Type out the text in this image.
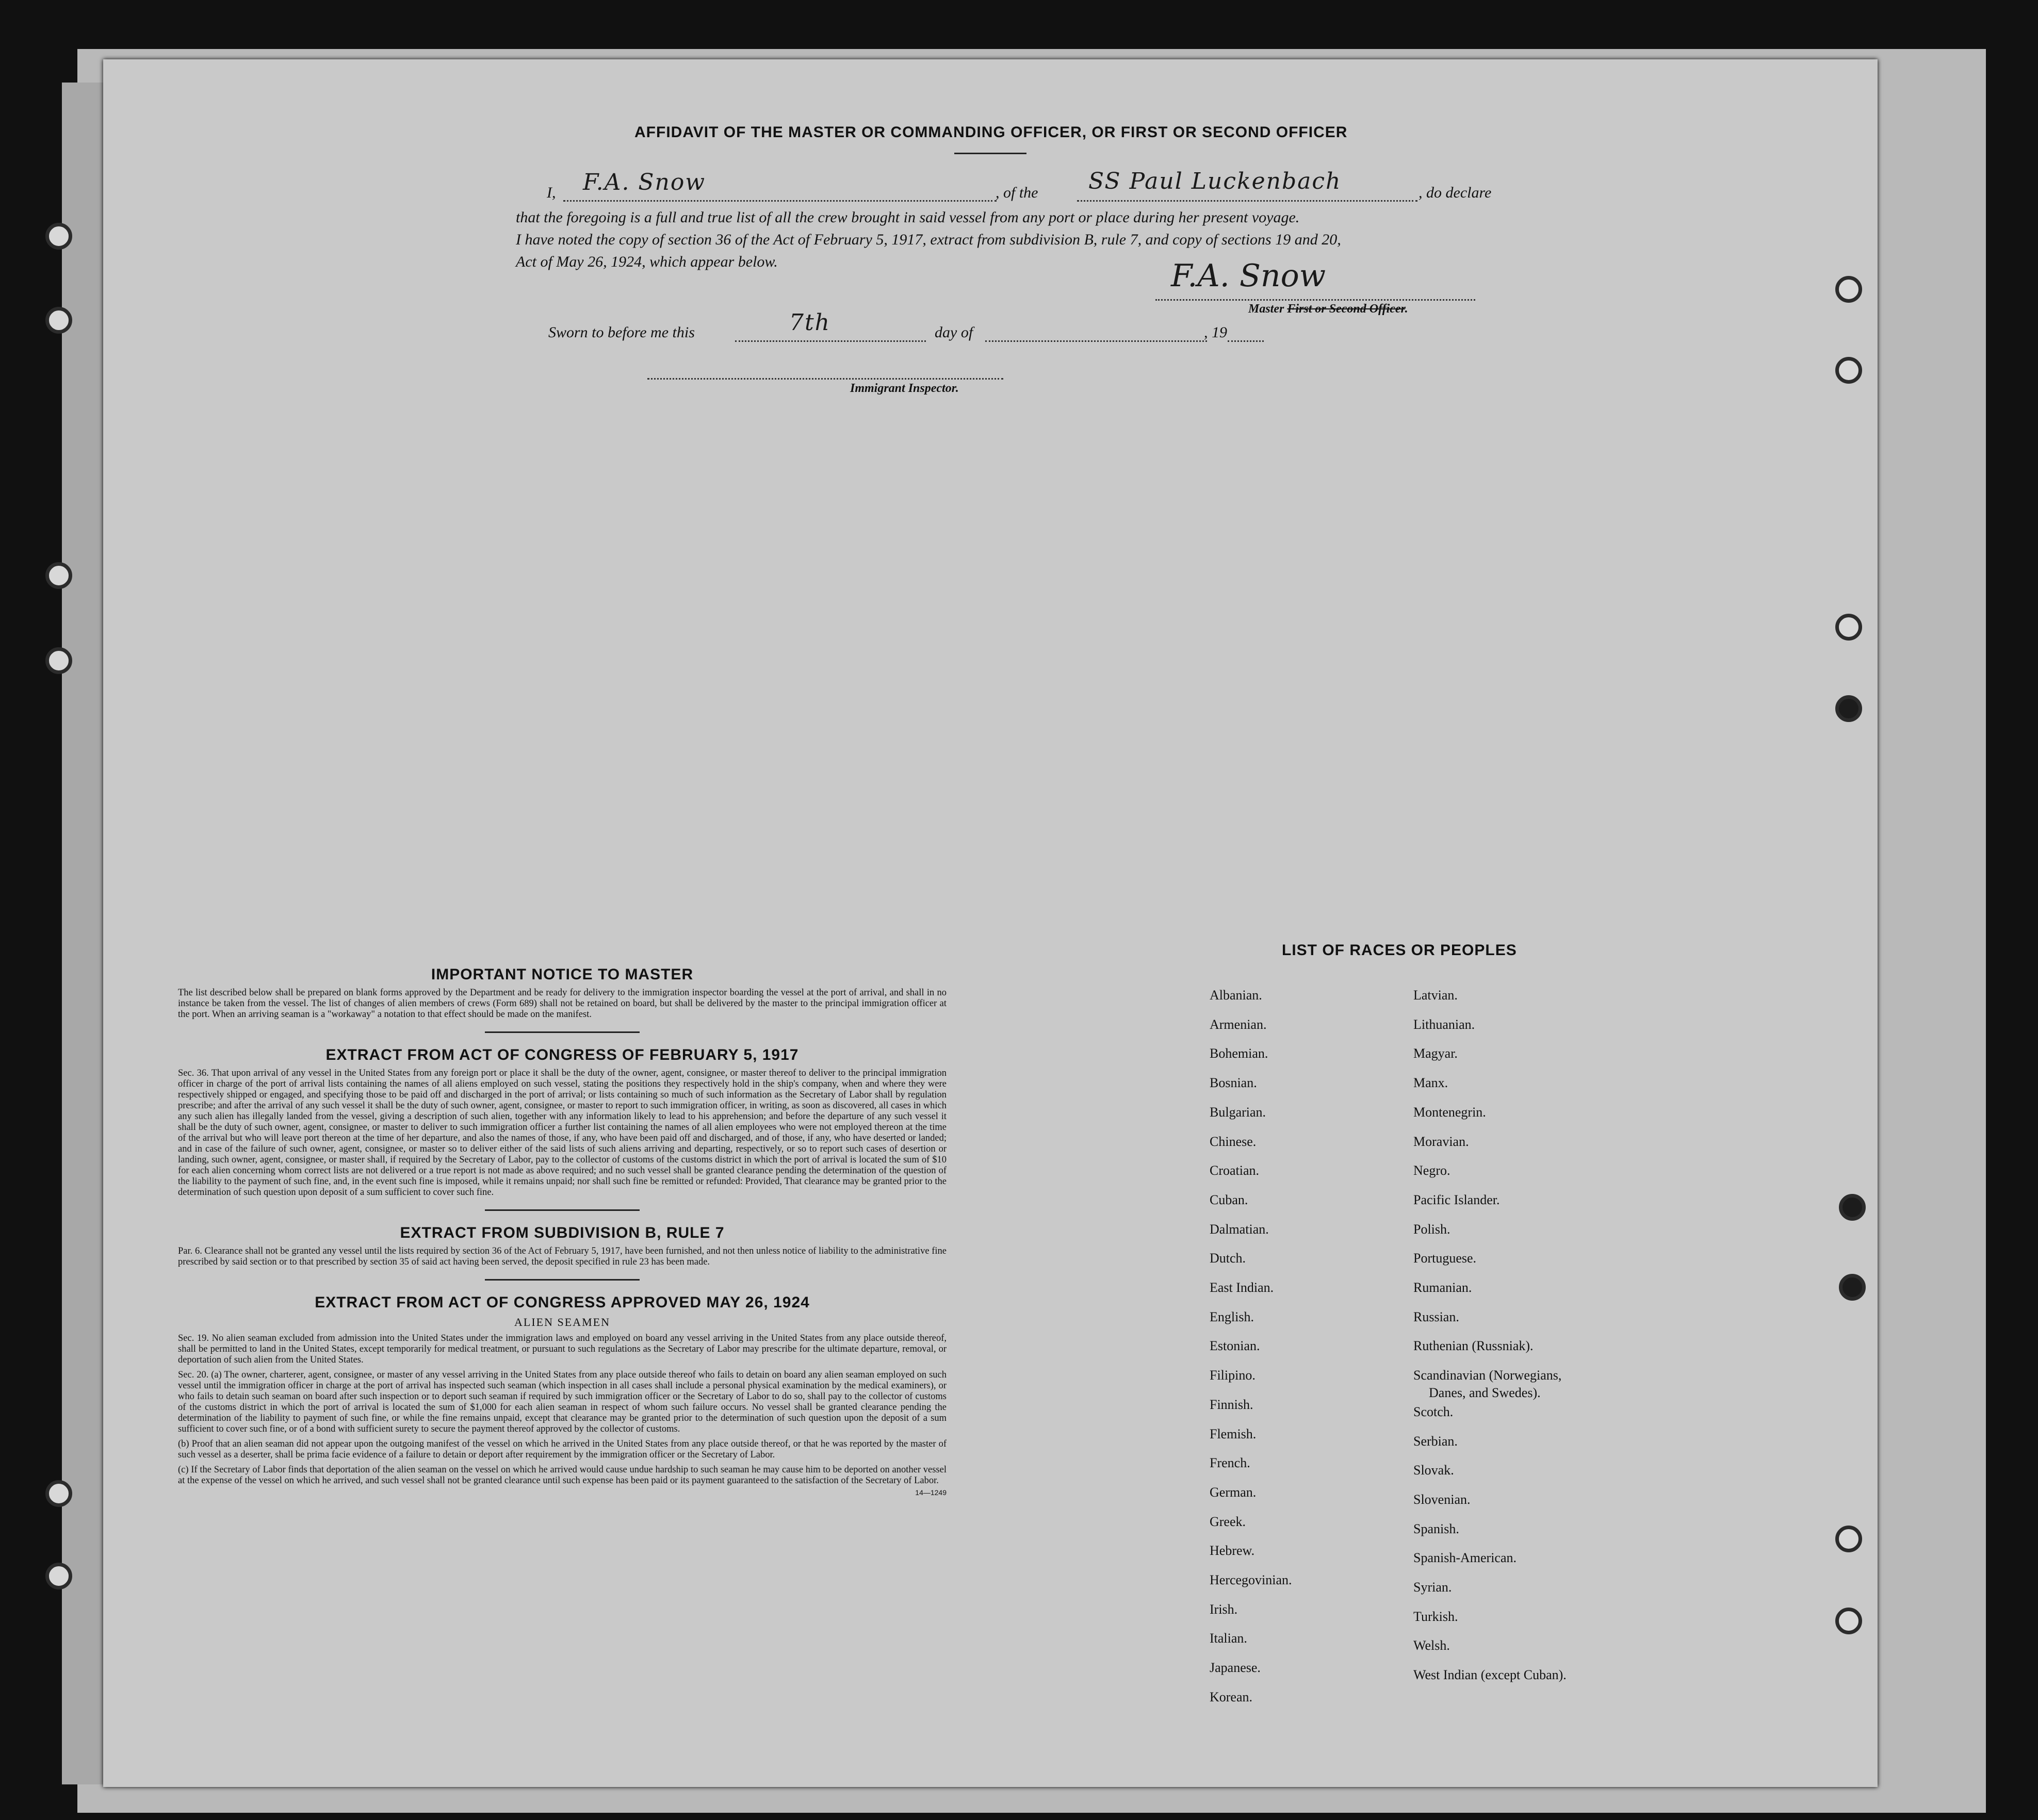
AFFIDAVIT OF THE MASTER OR COMMANDING OFFICER, OR FIRST OR SECOND OFFICER
I, F.A. Snow	, of the SS Paul Luckenbach	, do declare
that the foregoing is a full and true list of all the crew brought in said vessel from any port or place during her present voyage.
I have noted the copy of section 36 of the Act of February 5, 1917, extract from subdivision B, rule 7, and copy of sections 19 and 20,
Act of May 26, 1924, which appear below.	F.A. Snow
Master First or Second Officer.
Sworn to before me this	7th	day of	, 19
Immigrant Inspector.
IMPORTANT NOTICE TO MASTER

The list described below shall be prepared on blank forms approved by the Department and be ready for delivery to the immigration inspector boarding the vessel at the port of arrival, and shall in no instance be taken from the vessel. The list of changes of alien members of crews (Form 689) shall not be retained on board, but shall be delivered by the master to the principal immigration officer at the port. When an arriving seaman is a "workaway" a notation to that effect should be made on the manifest.

EXTRACT FROM ACT OF CONGRESS OF FEBRUARY 5, 1917

Sec. 36. That upon arrival of any vessel in the United States from any foreign port or place it shall be the duty of the owner, agent, consignee, or master thereof to deliver to the principal immigration officer in charge of the port of arrival lists containing the names of all aliens employed on such vessel, stating the positions they respectively hold in the ship's company, when and where they were respectively shipped or engaged, and specifying those to be paid off and discharged in the port of arrival; or lists containing so much of such information as the Secretary of Labor shall by regulation prescribe; and after the arrival of any such vessel it shall be the duty of such owner, agent, consignee, or master to report to such immigration officer, in writing, as soon as discovered, all cases in which any such alien has illegally landed from the vessel, giving a description of such alien, together with any information likely to lead to his apprehension; and before the departure of any such vessel it shall be the duty of such owner, agent, consignee, or master to deliver to such immigration officer a further list containing the names of all alien employees who were not employed thereon at the time of the arrival but who will leave port thereon at the time of her departure, and also the names of those, if any, who have been paid off and discharged, and of those, if any, who have deserted or landed; and in case of the failure of such owner, agent, consignee, or master so to deliver either of the said lists of such aliens arriving and departing, respectively, or so to report such cases of desertion or landing, such owner, agent, consignee, or master shall, if required by the Secretary of Labor, pay to the collector of customs of the customs district in which the port of arrival is located the sum of $10 for each alien concerning whom correct lists are not delivered or a true report is not made as above required; and no such vessel shall be granted clearance pending the determination of the question of the liability to the payment of such fine, and, in the event such fine is imposed, while it remains unpaid; nor shall such fine be remitted or refunded: Provided, That clearance may be granted prior to the determination of such question upon deposit of a sum sufficient to cover such fine.

EXTRACT FROM SUBDIVISION B, RULE 7

Par. 6. Clearance shall not be granted any vessel until the lists required by section 36 of the Act of February 5, 1917, have been furnished, and not then unless notice of liability to the administrative fine prescribed by said section or to that prescribed by section 35 of said act having been served, the deposit specified in rule 23 has been made.

EXTRACT FROM ACT OF CONGRESS APPROVED MAY 26, 1924
ALIEN SEAMEN

Sec. 19. No alien seaman excluded from admission into the United States under the immigration laws and employed on board any vessel arriving in the United States from any place outside thereof, shall be permitted to land in the United States, except temporarily for medical treatment, or pursuant to such regulations as the Secretary of Labor may prescribe for the ultimate departure, removal, or deportation of such alien from the United States.

Sec. 20. (a) The owner, charterer, agent, consignee, or master of any vessel arriving in the United States from any place outside thereof who fails to detain on board any alien seaman employed on such vessel until the immigration officer in charge at the port of arrival has inspected such seaman (which inspection in all cases shall include a personal physical examination by the medical examiners), or who fails to detain such seaman on board after such inspection or to deport such seaman if required by such immigration officer or the Secretary of Labor to do so, shall pay to the collector of customs of the customs district in which the port of arrival is located the sum of $1,000 for each alien seaman in respect of whom such failure occurs. No vessel shall be granted clearance pending the determination of the liability to payment of such fine, or while the fine remains unpaid, except that clearance may be granted prior to the determination of such question upon the deposit of a sum sufficient to cover such fine, or of a bond with sufficient surety to secure the payment thereof approved by the collector of customs.

(b) Proof that an alien seaman did not appear upon the outgoing manifest of the vessel on which he arrived in the United States from any place outside thereof, or that he was reported by the master of such vessel as a deserter, shall be prima facie evidence of a failure to detain or deport after requirement by the immigration officer or the Secretary of Labor.

(c) If the Secretary of Labor finds that deportation of the alien seaman on the vessel on which he arrived would cause undue hardship to such seaman he may cause him to be deported on another vessel at the expense of the vessel on which he arrived, and such vessel shall not be granted clearance until such expense has been paid or its payment guaranteed to the satisfaction of the Secretary of Labor.

14—1249
LIST OF RACES OR PEOPLES
Albanian.
Armenian.
Bohemian.
Bosnian.
Bulgarian.
Chinese.
Croatian.
Cuban.
Dalmatian.
Dutch.
East Indian.
English.
Estonian.
Filipino.
Finnish.
Flemish.
French.
German.
Greek.
Hebrew.
Hercegovinian.
Irish.
Italian.
Japanese.
Korean.
Latvian.
Lithuanian.
Magyar.
Manx.
Montenegrin.
Moravian.
Negro.
Pacific Islander.
Polish.
Portuguese.
Rumanian.
Russian.
Ruthenian (Russniak).
Scandinavian (Norwegians,
Danes, and Swedes).
Scotch.
Serbian.
Slovak.
Slovenian.
Spanish.
Spanish-American.
Syrian.
Turkish.
Welsh.
West Indian (except Cuban).
